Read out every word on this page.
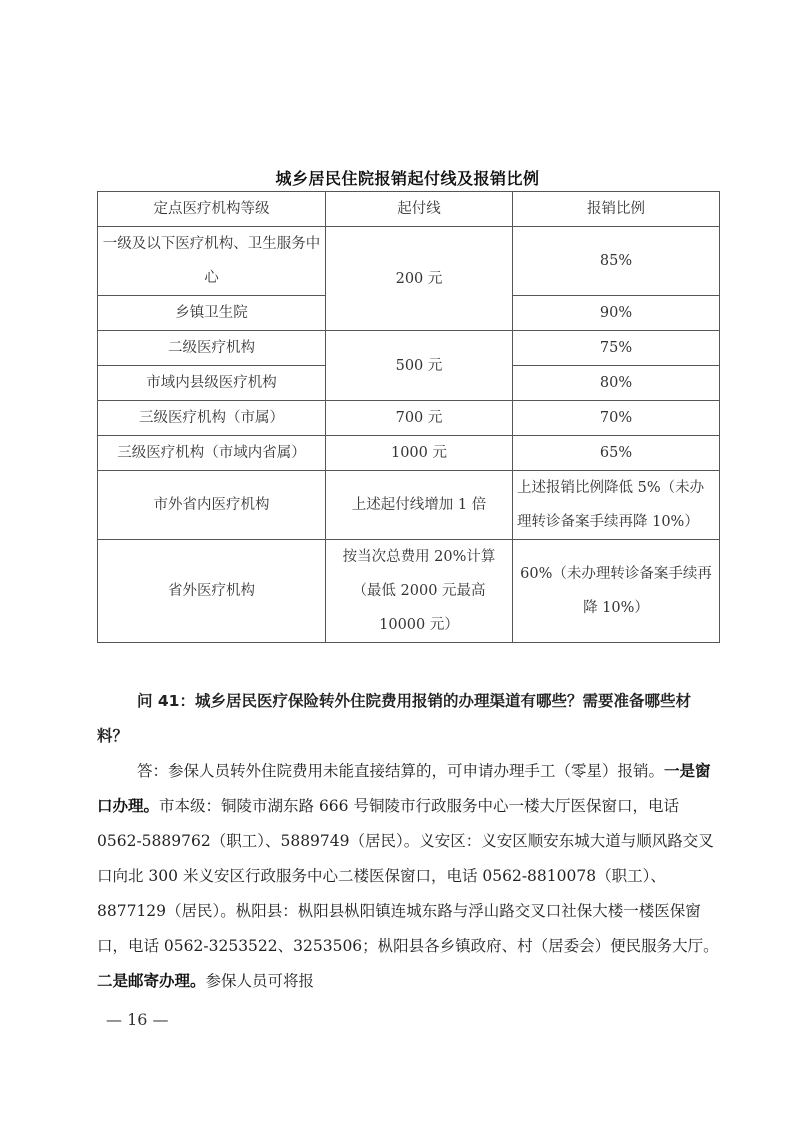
城乡居民住院报销起付线及报销比例
定点医疗机构等级	起付线	报销比例
一级及以下医疗机构、卫生服务中心	200 元	85%
乡镇卫生院		90%
二级医疗机构	500 元	75%
市域内县级医疗机构		80%
三级医疗机构（市属）	700 元	70%
三级医疗机构（市域内省属）	1000 元	65%
市外省内医疗机构	上述起付线增加 1 倍	上述报销比例降低 5%（未办理转诊备案手续再降 10%）
省外医疗机构	按当次总费用 20%计算（最低 2000 元最高 10000 元）	60%（未办理转诊备案手续再降 10%）
问 41：城乡居民医疗保险转外住院费用报销的办理渠道有哪些？需要准备哪些材料？
答：参保人员转外住院费用未能直接结算的，可申请办理手工（零星）报销。一是窗口办理。市本级：铜陵市湖东路 666 号铜陵市行政服务中心一楼大厅医保窗口，电话 0562-5889762（职工）、5889749（居民）。义安区：义安区顺安东城大道与顺风路交叉口向北 300 米义安区行政服务中心二楼医保窗口，电话 0562-8810078（职工）、8877129（居民）。枞阳县：枞阳县枞阳镇连城东路与浮山路交叉口社保大楼一楼医保窗口，电话 0562-3253522、3253506；枞阳县各乡镇政府、村（居委会）便民服务大厅。二是邮寄办理。参保人员可将报
— 16 —
